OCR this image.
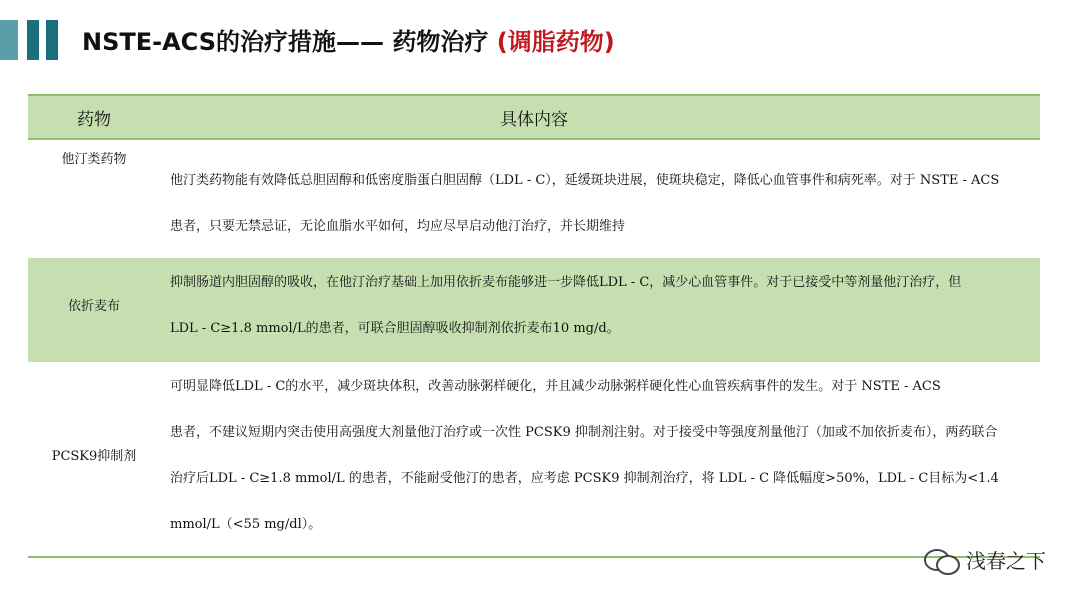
NSTE-ACS的治疗措施—— 药物治疗 (调脂药物)
药物	具体内容
他汀类药物
他汀类药物能有效降低总胆固醇和低密度脂蛋白胆固醇（LDL - C），延缓斑块进展，使斑块稳定，降低心血管事件和病死率。对于 NSTE - ACS
患者，只要无禁忌证，无论血脂水平如何，均应尽早启动他汀治疗，并长期维持
依折麦布
抑制肠道内胆固醇的吸收，在他汀治疗基础上加用依折麦布能够进一步降低LDL - C，减少心血管事件。对于已接受中等剂量他汀治疗，但
LDL - C≥1.8 mmol/L的患者，可联合胆固醇吸收抑制剂依折麦布10 mg/d。
PCSK9抑制剂
可明显降低LDL - C的水平，减少斑块体积，改善动脉粥样硬化，并且减少动脉粥样硬化性心血管疾病事件的发生。对于 NSTE - ACS
患者，不建议短期内突击使用高强度大剂量他汀治疗或一次性 PCSK9 抑制剂注射。对于接受中等强度剂量他汀（加或不加依折麦布），两药联合
治疗后LDL - C≥1.8 mmol/L 的患者，不能耐受他汀的患者，应考虑 PCSK9 抑制剂治疗，将 LDL - C 降低幅度>50%，LDL - C目标为<1.4
mmol/L（<55 mg/dl）。
浅春之下
